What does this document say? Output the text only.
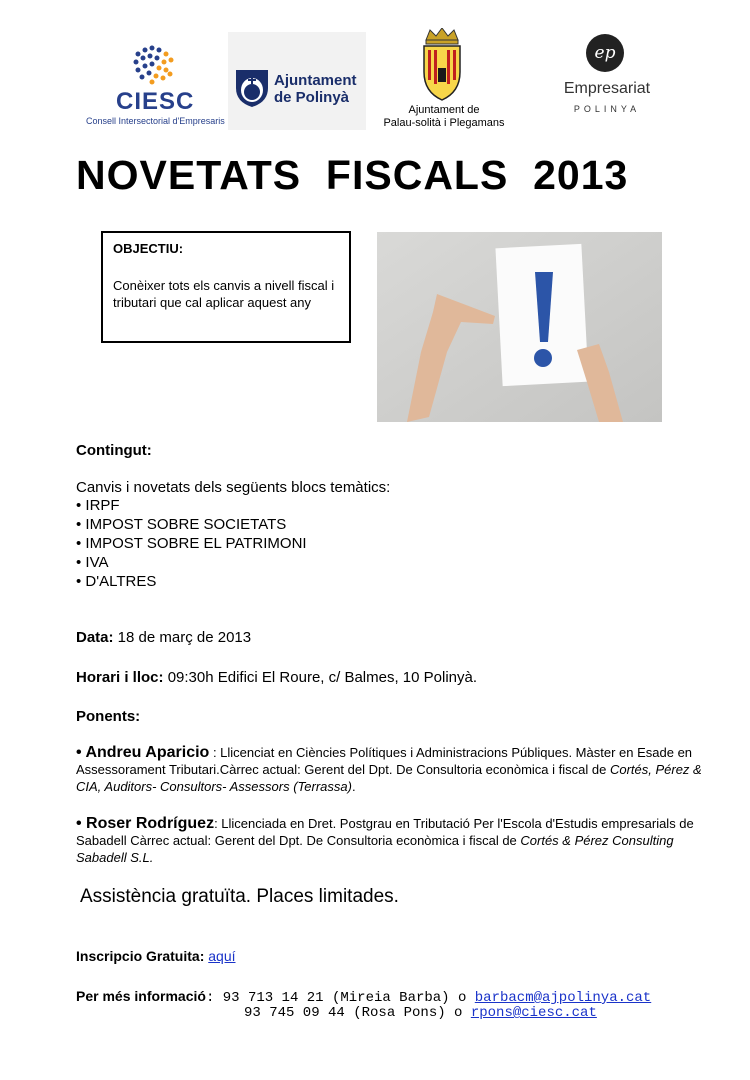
CIESC
Consell Intersectorial d'Empresaris
Ajuntament
de Polinyà
Ajuntament de
Palau-solità i Plegamans
ep
Empresariat
POLINYA
NOVETATS  FISCALS  2013
OBJECTIU:
Conèixer tots els canvis a nivell fiscal i tributari que cal aplicar aquest any
Contingut:
Canvis i novetats dels següents blocs temàtics:
• IRPF
• IMPOST SOBRE SOCIETATS
• IMPOST SOBRE EL PATRIMONI
• IVA
• D'ALTRES
Data: 18 de març de 2013
Horari i lloc: 09:30h Edifici El Roure, c/ Balmes, 10 Polinyà.
Ponents:
• Andreu Aparicio : Llicenciat en Ciències Polítiques i Administracions Públiques. Màster en Esade en Assessorament Tributari.Càrrec actual: Gerent del Dpt. De Consultoria econòmica i fiscal de Cortés, Pérez & CIA, Auditors- Consultors- Assessors (Terrassa).
• Roser Rodríguez: Llicenciada en Dret. Postgrau en Tributació Per l'Escola d'Estudis empresarials de Sabadell Càrrec actual: Gerent del Dpt. De Consultoria econòmica i fiscal de Cortés & Pérez Consulting Sabadell S.L.
Assistència gratuïta. Places limitades.
Inscripcio Gratuita: aquí
Per més informació: 93 713 14 21 (Mireia Barba) o barbacm@ajpolinya.cat
93 745 09 44 (Rosa Pons) o rpons@ciesc.cat
